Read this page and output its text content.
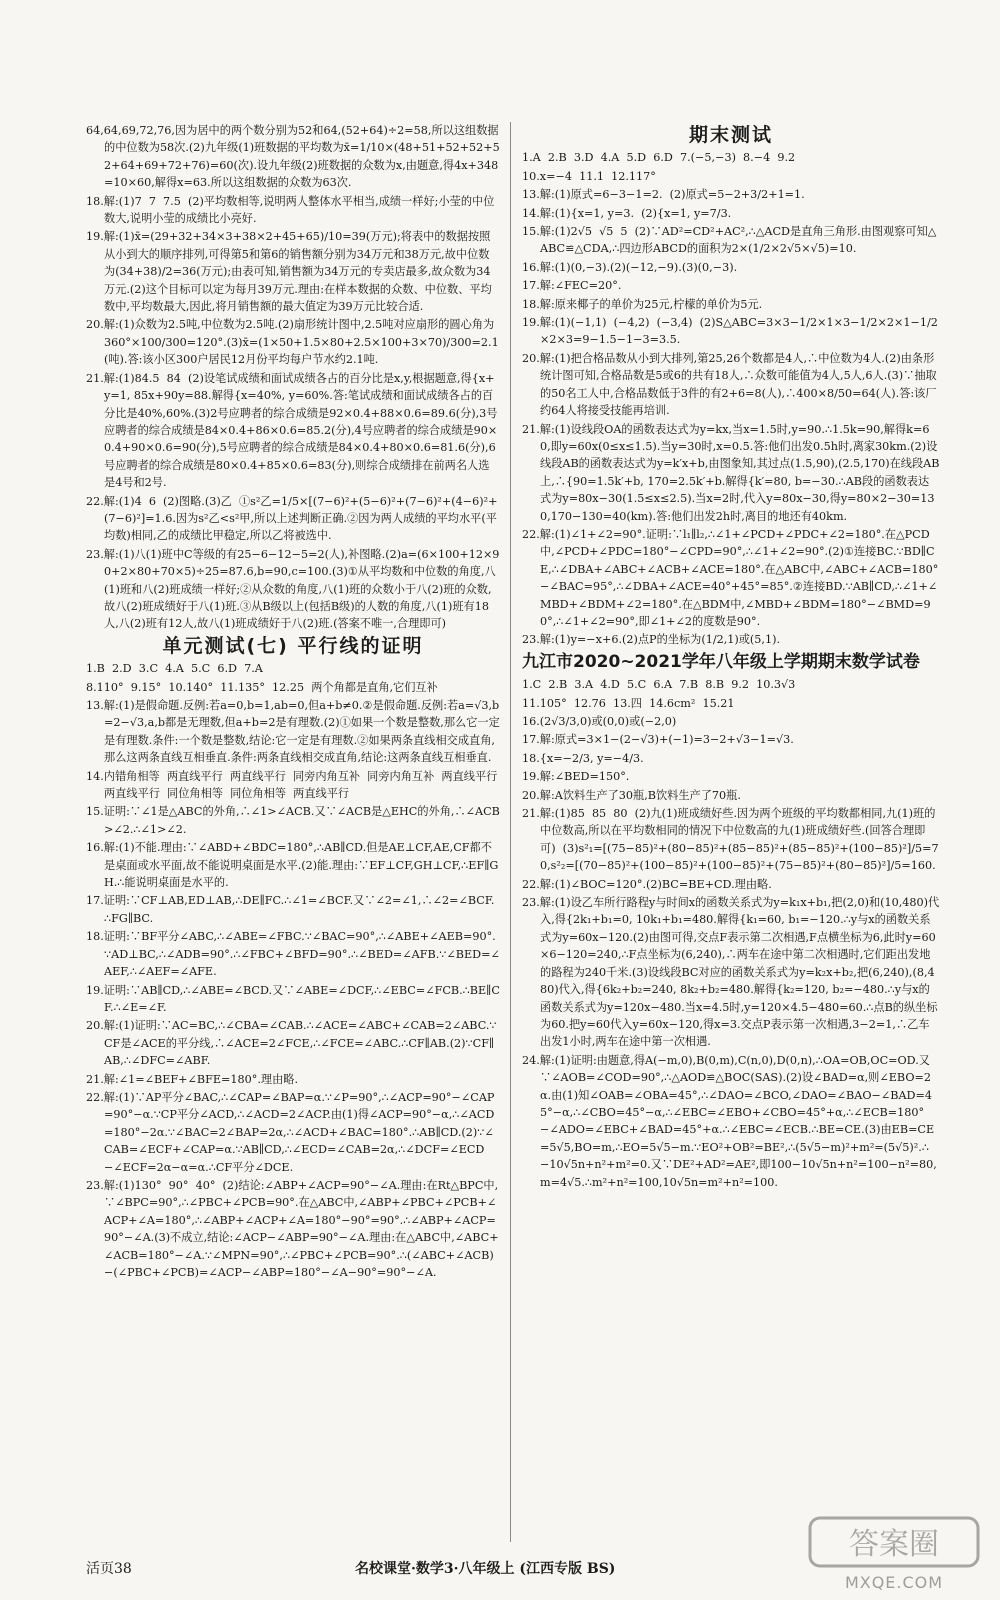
64,64,69,72,76,因为居中的两个数分别为52和64,(52+64)÷2=58,所以这组数据的中位数为58次.(2)九年级(1)班数据的平均数为x̄=1/10×(48+51+52+52+52+64+69+72+76)=60(次).设九年级(2)班数据的众数为x,由题意,得4x+348=10×60,解得x=63.所以这组数据的众数为63次.
18.解:(1)7  7  7.5  (2)平均数相等,说明两人整体水平相当,成绩一样好;小莹的中位数大,说明小莹的成绩比小亮好.
19.解:(1)x̄=(29+32+34×3+38×2+45+65)/10=39(万元);将表中的数据按照从小到大的顺序排列,可得第5和第6的销售额分别为34万元和38万元,故中位数为(34+38)/2=36(万元);由表可知,销售额为34万元的专卖店最多,故众数为34万元.(2)这个目标可以定为每月39万元.理由:在样本数据的众数、中位数、平均数中,平均数最大,因此,将月销售额的最大值定为39万元比较合适.
20.解:(1)众数为2.5吨,中位数为2.5吨.(2)扇形统计图中,2.5吨对应扇形的圆心角为360°×100/300=120°.(3)x̄=(1×50+1.5×80+2.5×100+3×70)/300=2.1(吨).答:该小区300户居民12月份平均每户节水约2.1吨.
21.解:(1)84.5  84  (2)设笔试成绩和面试成绩各占的百分比是x,y,根据题意,得{x+y=1, 85x+90y=88.解得{x=40%, y=60%.答:笔试成绩和面试成绩各占的百分比是40%,60%.(3)2号应聘者的综合成绩是92×0.4+88×0.6=89.6(分),3号应聘者的综合成绩是84×0.4+86×0.6=85.2(分),4号应聘者的综合成绩是90×0.4+90×0.6=90(分),5号应聘者的综合成绩是84×0.4+80×0.6=81.6(分),6号应聘者的综合成绩是80×0.4+85×0.6=83(分),则综合成绩排在前两名人选是4号和2号.
22.解:(1)4  6  (2)图略.(3)乙  ①s²乙=1/5×[(7−6)²+(5−6)²+(7−6)²+(4−6)²+(7−6)²]=1.6.因为s²乙<s²甲,所以上述判断正确.②因为两人成绩的平均水平(平均数)相同,乙的成绩比甲稳定,所以乙将被选中.
23.解:(1)八(1)班中C等级的有25−6−12−5=2(人),补图略.(2)a=(6×100+12×90+2×80+70×5)÷25=87.6,b=90,c=100.(3)①从平均数和中位数的角度,八(1)班和八(2)班成绩一样好;②从众数的角度,八(1)班的众数小于八(2)班的众数,故八(2)班成绩好于八(1)班.③从B级以上(包括B级)的人数的角度,八(1)班有18人,八(2)班有12人,故八(1)班成绩好于八(2)班.(答案不唯一,合理即可)
单元测试(七) 平行线的证明
1.B  2.D  3.C  4.A  5.C  6.D  7.A
8.110°  9.15°  10.140°  11.135°  12.25  两个角都是直角,它们互补
13.解:(1)是假命题.反例:若a=0,b=1,ab=0,但a+b≠0.②是假命题.反例:若a=√3,b=2−√3,a,b都是无理数,但a+b=2是有理数.(2)①如果一个数是整数,那么它一定是有理数.条件:一个数是整数,结论:它一定是有理数.②如果两条直线相交成直角,那么这两条直线互相垂直.条件:两条直线相交成直角,结论:这两条直线互相垂直.
14.内错角相等  两直线平行  两直线平行  同旁内角互补  同旁内角互补  两直线平行  两直线平行  同位角相等  同位角相等  两直线平行
15.证明:∵∠1是△ABC的外角,∴∠1>∠ACB.又∵∠ACB是△EHC的外角,∴∠ACB>∠2.∴∠1>∠2.
16.解:(1)不能.理由:∵∠ABD+∠BDC=180°,∴AB∥CD.但是AE⊥CF,AE,CF都不是桌面或水平面,故不能说明桌面是水平.(2)能.理由:∵EF⊥CF,GH⊥CF,∴EF∥GH.∴能说明桌面是水平的.
17.证明:∵CF⊥AB,ED⊥AB,∴DE∥FC.∴∠1=∠BCF.又∵∠2=∠1,∴∠2=∠BCF.∴FG∥BC.
18.证明:∵BF平分∠ABC,∴∠ABE=∠FBC.∵∠BAC=90°,∴∠ABE+∠AEB=90°.∵AD⊥BC,∴∠ADB=90°.∴∠FBC+∠BFD=90°.∴∠BED=∠AFB.∵∠BED=∠AEF,∴∠AEF=∠AFE.
19.证明:∵AB∥CD,∴∠ABE=∠BCD.又∵∠ABE=∠DCF,∴∠EBC=∠FCB.∴BE∥CF.∴∠E=∠F.
20.解:(1)证明:∵AC=BC,∴∠CBA=∠CAB.∴∠ACE=∠ABC+∠CAB=2∠ABC.∵CF是∠ACE的平分线,∴∠ACE=2∠FCE,∴∠FCE=∠ABC.∴CF∥AB.(2)∵CF∥AB,∴∠DFC=∠ABF.
21.解:∠1=∠BEF+∠BFE=180°.理由略.
22.解:(1)∵AP平分∠BAC,∴∠CAP=∠BAP=α.∵∠P=90°,∴∠ACP=90°−∠CAP=90°−α.∵CP平分∠ACD,∴∠ACD=2∠ACP.由(1)得∠ACP=90°−α,∴∠ACD=180°−2α.∵∠BAC=2∠BAP=2α,∴∠ACD+∠BAC=180°.∴AB∥CD.(2)∵∠CAB=∠ECF+∠CAP=α.∵AB∥CD,∴∠ECD=∠CAB=2α,∴∠DCF=∠ECD−∠ECF=2α−α=α.∴CF平分∠DCE.
23.解:(1)130°  90°  40°  (2)结论:∠ABP+∠ACP=90°−∠A.理由:在Rt△BPC中,∵∠BPC=90°,∴∠PBC+∠PCB=90°.在△ABC中,∠ABP+∠PBC+∠PCB+∠ACP+∠A=180°,∴∠ABP+∠ACP+∠A=180°−90°=90°.∴∠ABP+∠ACP=90°−∠A.(3)不成立,结论:∠ACP−∠ABP=90°−∠A.理由:在△ABC中,∠ABC+∠ACB=180°−∠A.∵∠MPN=90°,∴∠PBC+∠PCB=90°.∴(∠ABC+∠ACB)−(∠PBC+∠PCB)=∠ACP−∠ABP=180°−∠A−90°=90°−∠A.
期末测试
1.A  2.B  3.D  4.A  5.D  6.D  7.(−5,−3)  8.−4  9.2
10.x=−4  11.1  12.117°
13.解:(1)原式=6−3−1=2.  (2)原式=5−2+3/2+1=1.
14.解:(1){x=1, y=3.  (2){x=1, y=7/3.
15.解:(1)2√5  √5  5  (2)∵AD²=CD²+AC²,∴△ACD是直角三角形.由图观察可知△ABC≌△CDA,∴四边形ABCD的面积为2×(1/2×2√5×√5)=10.
16.解:(1)(0,−3).(2)(−12,−9).(3)(0,−3).
17.解:∠FEC=20°.
18.解:原来椰子的单价为25元,柠檬的单价为5元.
19.解:(1)(−1,1)  (−4,2)  (−3,4)  (2)S△ABC=3×3−1/2×1×3−1/2×2×1−1/2×2×3=9−1.5−1−3=3.5.
20.解:(1)把合格品数从小到大排列,第25,26个数都是4人,∴中位数为4人.(2)由条形统计图可知,合格品数是5或6的共有18人,∴众数可能值为4人,5人,6人.(3)∵抽取的50名工人中,合格品数低于3件的有2+6=8(人),∴400×8/50=64(人).答:该厂约64人将接受技能再培训.
21.解:(1)设线段OA的函数表达式为y=kx,当x=1.5时,y=90.∴1.5k=90,解得k=60,即y=60x(0≤x≤1.5).当y=30时,x=0.5.答:他们出发0.5h时,离家30km.(2)设线段AB的函数表达式为y=k′x+b,由图象知,其过点(1.5,90),(2.5,170)在线段AB上,∴{90=1.5k′+b, 170=2.5k′+b.解得{k′=80, b=−30.∴AB段的函数表达式为y=80x−30(1.5≤x≤2.5).当x=2时,代入y=80x−30,得y=80×2−30=130,170−130=40(km).答:他们出发2h时,离目的地还有40km.
22.解:(1)∠1+∠2=90°.证明:∵l₁∥l₂,∴∠1+∠PCD+∠PDC+∠2=180°.在△PCD中,∠PCD+∠PDC=180°−∠CPD=90°,∴∠1+∠2=90°.(2)①连接BC.∵BD∥CE,∴∠DBA+∠ABC+∠ACB+∠ACE=180°.在△ABC中,∠ABC+∠ACB=180°−∠BAC=95°,∴∠DBA+∠ACE=40°+45°=85°.②连接BD.∵AB∥CD,∴∠1+∠MBD+∠BDM+∠2=180°.在△BDM中,∠MBD+∠BDM=180°−∠BMD=90°,∴∠1+∠2=90°,即∠1+∠2的度数是90°.
23.解:(1)y=−x+6.(2)点P的坐标为(1/2,1)或(5,1).
九江市2020~2021学年八年级上学期期末数学试卷
1.C  2.B  3.A  4.D  5.C  6.A  7.B  8.B  9.2  10.3√3
11.105°  12.76  13.四  14.6cm²  15.21
16.(2√3/3,0)或(0,0)或(−2,0)
17.解:原式=3×1−(2−√3)+(−1)=3−2+√3−1=√3.
18.{x=−2/3, y=−4/3.
19.解:∠BED=150°.
20.解:A饮料生产了30瓶,B饮料生产了70瓶.
21.解:(1)85  85  80  (2)九(1)班成绩好些.因为两个班级的平均数都相同,九(1)班的中位数高,所以在平均数相同的情况下中位数高的九(1)班成绩好些.(回答合理即可)  (3)s²₁=[(75−85)²+(80−85)²+(85−85)²+(85−85)²+(100−85)²]/5=70,s²₂=[(70−85)²+(100−85)²+(100−85)²+(75−85)²+(80−85)²]/5=160.
22.解:(1)∠BOC=120°.(2)BC=BE+CD.理由略.
23.解:(1)设乙车所行路程y与时间x的函数关系式为y=k₁x+b₁,把(2,0)和(10,480)代入,得{2k₁+b₁=0, 10k₁+b₁=480.解得{k₁=60, b₁=−120.∴y与x的函数关系式为y=60x−120.(2)由图可得,交点F表示第二次相遇,F点横坐标为6,此时y=60×6−120=240,∴F点坐标为(6,240),∴两车在途中第二次相遇时,它们距出发地的路程为240千米.(3)设线段BC对应的函数关系式为y=k₂x+b₂,把(6,240),(8,480)代入,得{6k₂+b₂=240, 8k₂+b₂=480.解得{k₂=120, b₂=−480.∴y与x的函数关系式为y=120x−480.当x=4.5时,y=120×4.5−480=60.∴点B的纵坐标为60.把y=60代入y=60x−120,得x=3.交点P表示第一次相遇,3−2=1,∴乙车出发1小时,两车在途中第一次相遇.
24.解:(1)证明:由题意,得A(−m,0),B(0,m),C(n,0),D(0,n),∴OA=OB,OC=OD.又∵∠AOB=∠COD=90°,∴△AOD≌△BOC(SAS).(2)设∠BAD=α,则∠EBO=2α.由(1)知∠OAB=∠OBA=45°,∴∠DAO=∠BCO,∠DAO=∠BAO−∠BAD=45°−α,∴∠CBO=45°−α,∴∠EBC=∠EBO+∠CBO=45°+α,∴∠ECB=180°−∠ADO=∠EBC+∠BAD=45°+α.∴∠EBC=∠ECB.∴BE=CE.(3)由EB=CE=5√5,BO=m,∴EO=5√5−m.∵EO²+OB²=BE²,∴(5√5−m)²+m²=(5√5)².∴−10√5n+n²+m²=0.又∵DE²+AD²=AE²,即100−10√5n+n²=100−n²=80,m=4√5.∴m²+n²=100,10√5n=m²+n²=100.
活页38	名校课堂·数学3·八年级上 (江西专版 BS)
答案圈
MXQE.COM
